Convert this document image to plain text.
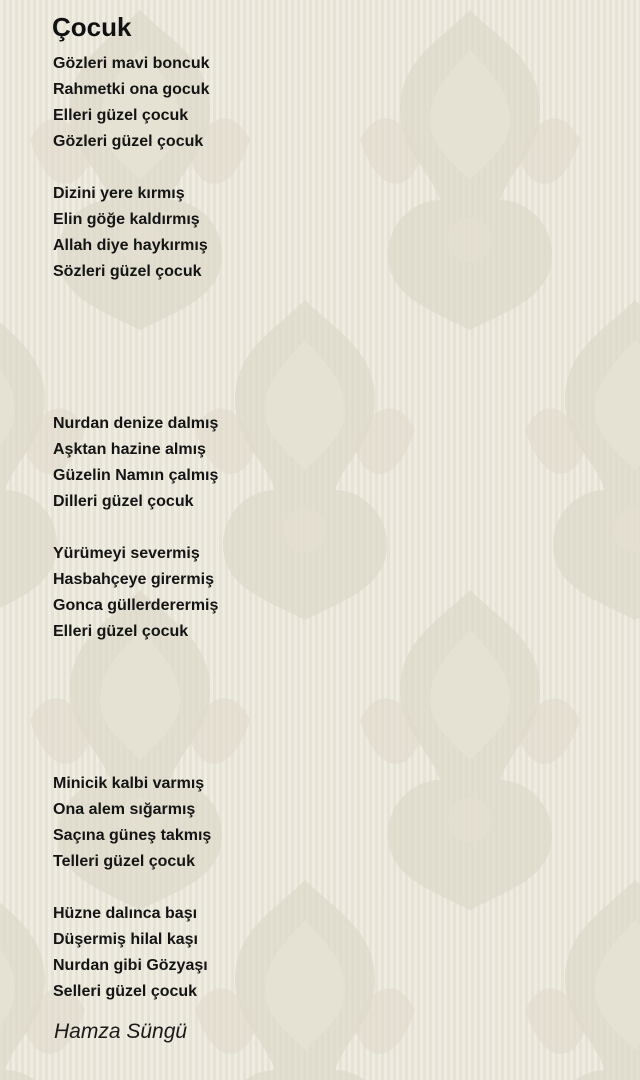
Çocuk

Gözleri mavi boncuk

Rahmetki ona gocuk

Elleri güzel çocuk

Gözleri güzel çocuk

Dizini yere kırmış

Elin göğe kaldırmış

Allah diye haykırmış

Sözleri güzel çocuk

Nurdan denize dalmış

Aşktan hazine almış

Güzelin Namın çalmış

Dilleri güzel çocuk

Yürümeyi severmiş

Hasbahçeye girermiş

Gonca güllerderermiş

Elleri güzel çocuk

Minicik kalbi varmış

Ona alem sığarmış

Saçına güneş takmış

Telleri güzel çocuk

Hüzne dalınca başı

Düşermiş hilal kaşı

Nurdan gibi Gözyaşı

Selleri güzel çocuk

Hamza Süngü
